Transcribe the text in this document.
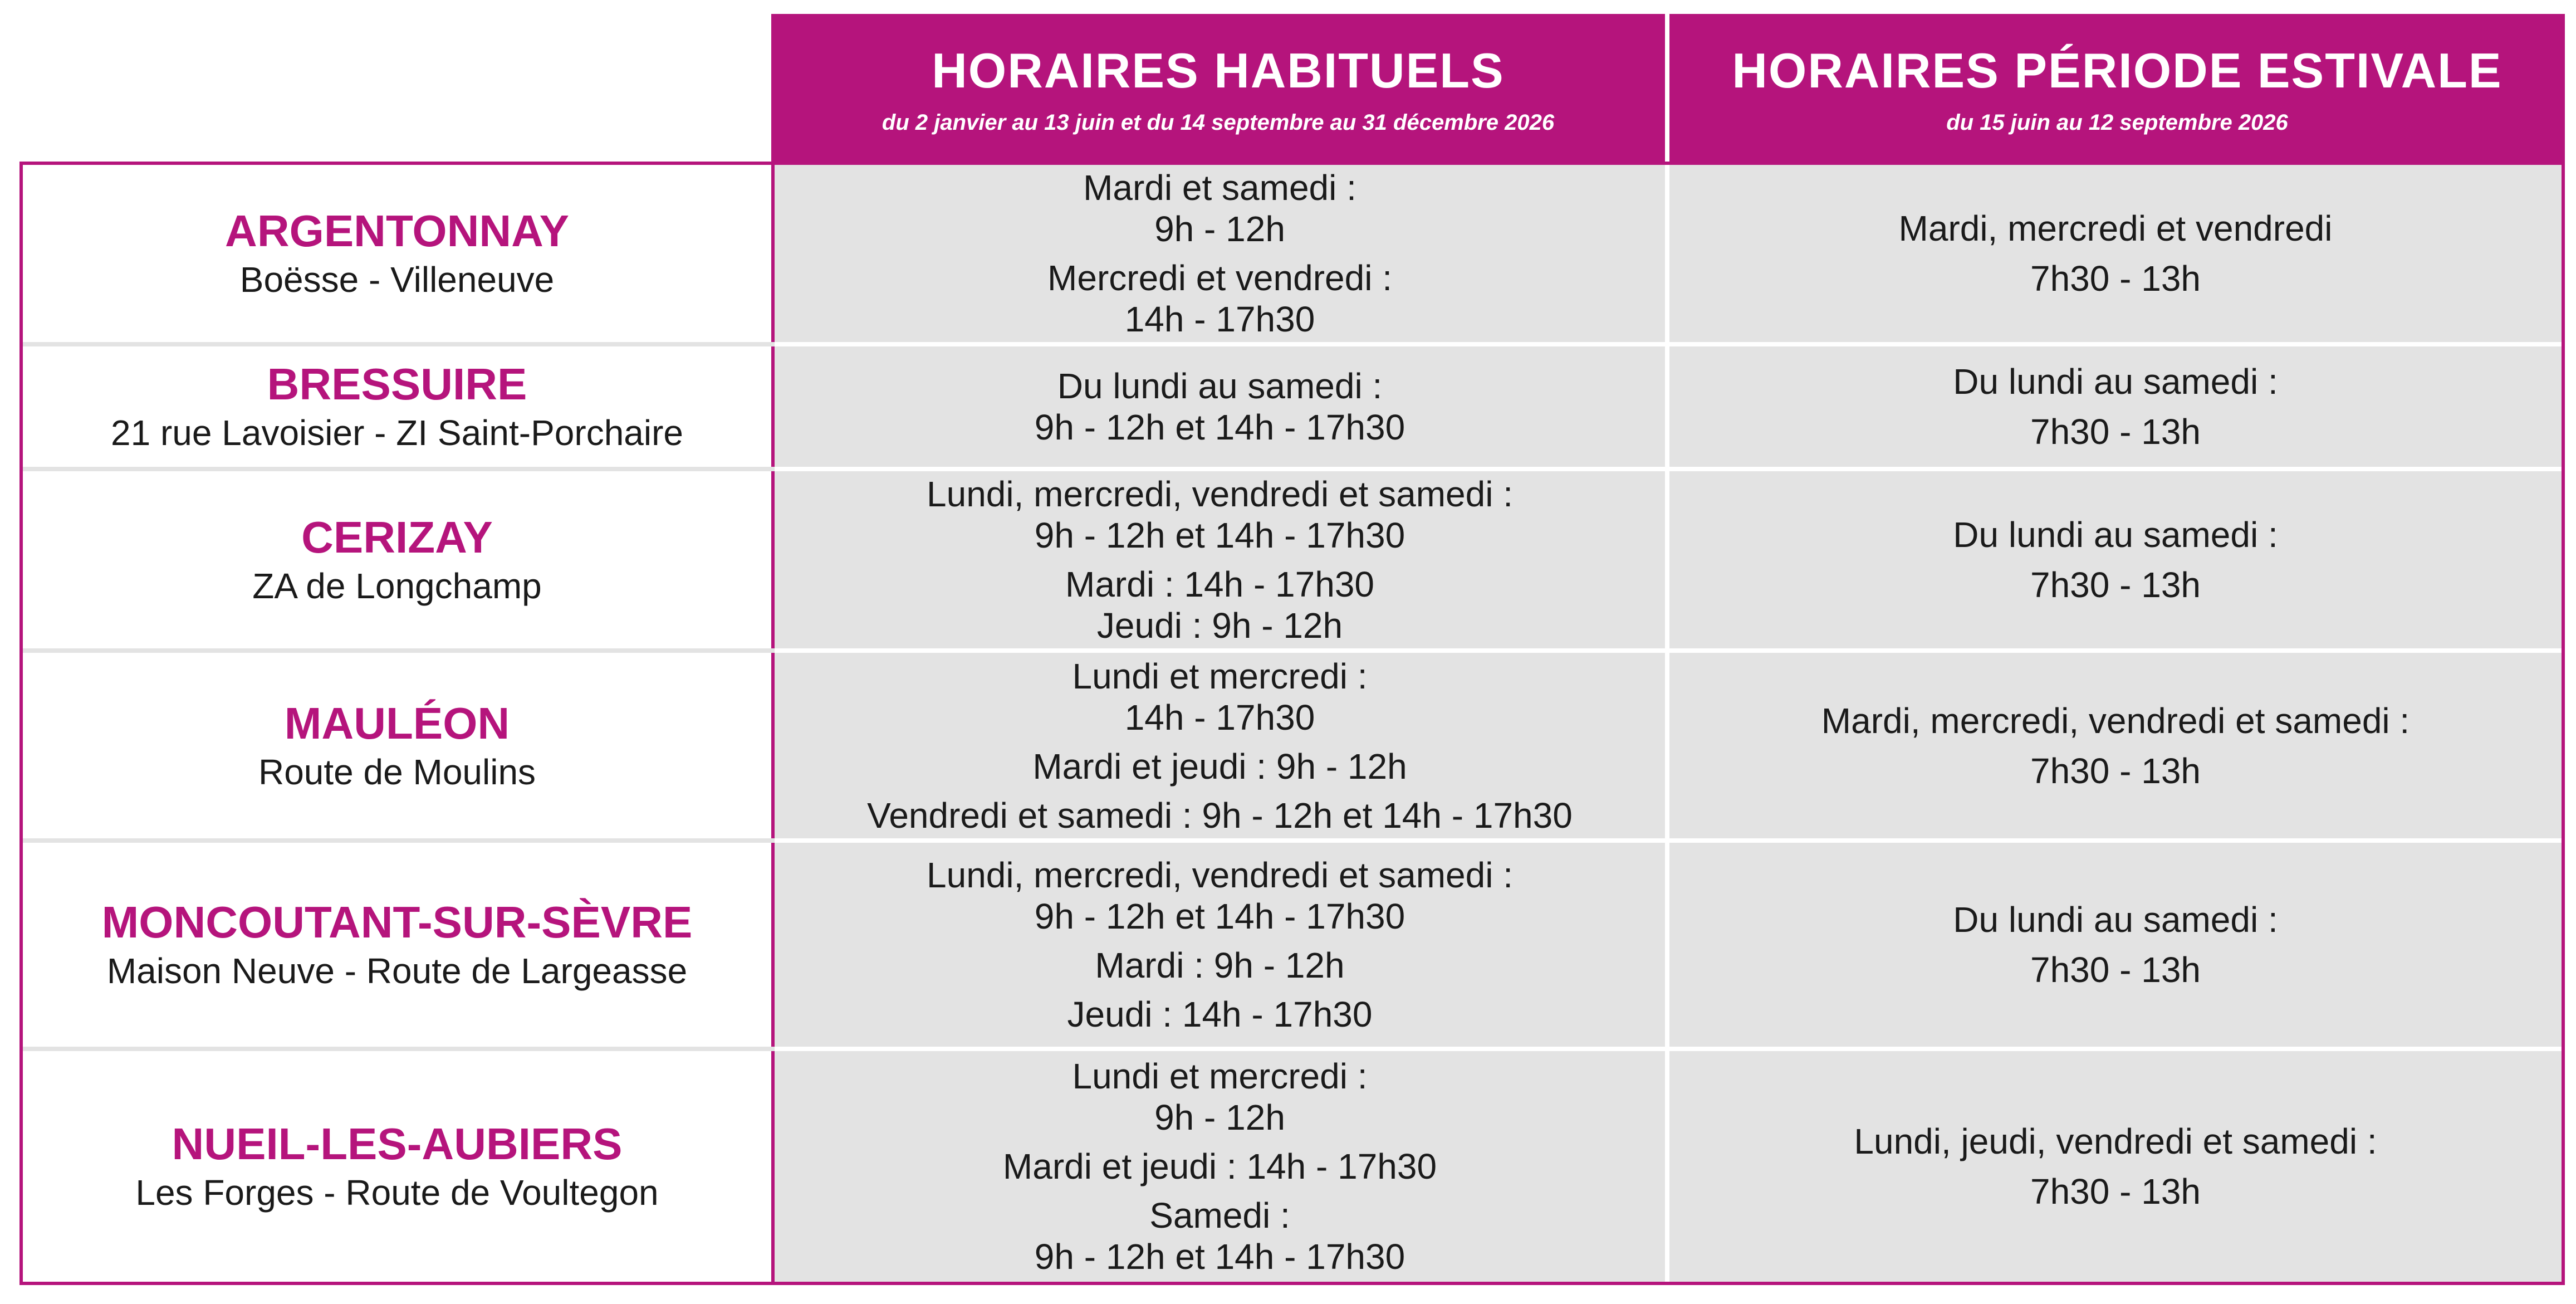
HORAIRES HABITUELS
du 2 janvier au 13 juin et du 14 septembre au 31 décembre 2026
HORAIRES PÉRIODE ESTIVALE
du 15 juin au 12 septembre 2026
ARGENTONNAY
Boësse - Villeneuve
Mardi et samedi :
9h - 12h
Mercredi et vendredi :
14h - 17h30
Mardi, mercredi et vendredi
7h30 - 13h
BRESSUIRE
21 rue Lavoisier - ZI Saint-Porchaire
Du lundi au samedi :
9h - 12h et 14h - 17h30
Du lundi au samedi :
7h30 - 13h
CERIZAY
ZA de Longchamp
Lundi, mercredi, vendredi et samedi :
9h - 12h et 14h - 17h30
Mardi : 14h - 17h30
Jeudi : 9h - 12h
Du lundi au samedi :
7h30 - 13h
MAULÉON
Route de Moulins
Lundi et mercredi :
14h - 17h30
Mardi et jeudi : 9h - 12h
Vendredi et samedi : 9h - 12h et 14h - 17h30
Mardi, mercredi, vendredi et samedi :
7h30 - 13h
MONCOUTANT-SUR-SÈVRE
Maison Neuve - Route de Largeasse
Lundi, mercredi, vendredi et samedi :
9h - 12h et 14h - 17h30
Mardi : 9h - 12h
Jeudi : 14h - 17h30
Du lundi au samedi :
7h30 - 13h
NUEIL-LES-AUBIERS
Les Forges - Route de Voultegon
Lundi et mercredi :
9h - 12h
Mardi et jeudi : 14h - 17h30
Samedi :
9h - 12h et 14h - 17h30
Lundi, jeudi, vendredi et samedi :
7h30 - 13h
